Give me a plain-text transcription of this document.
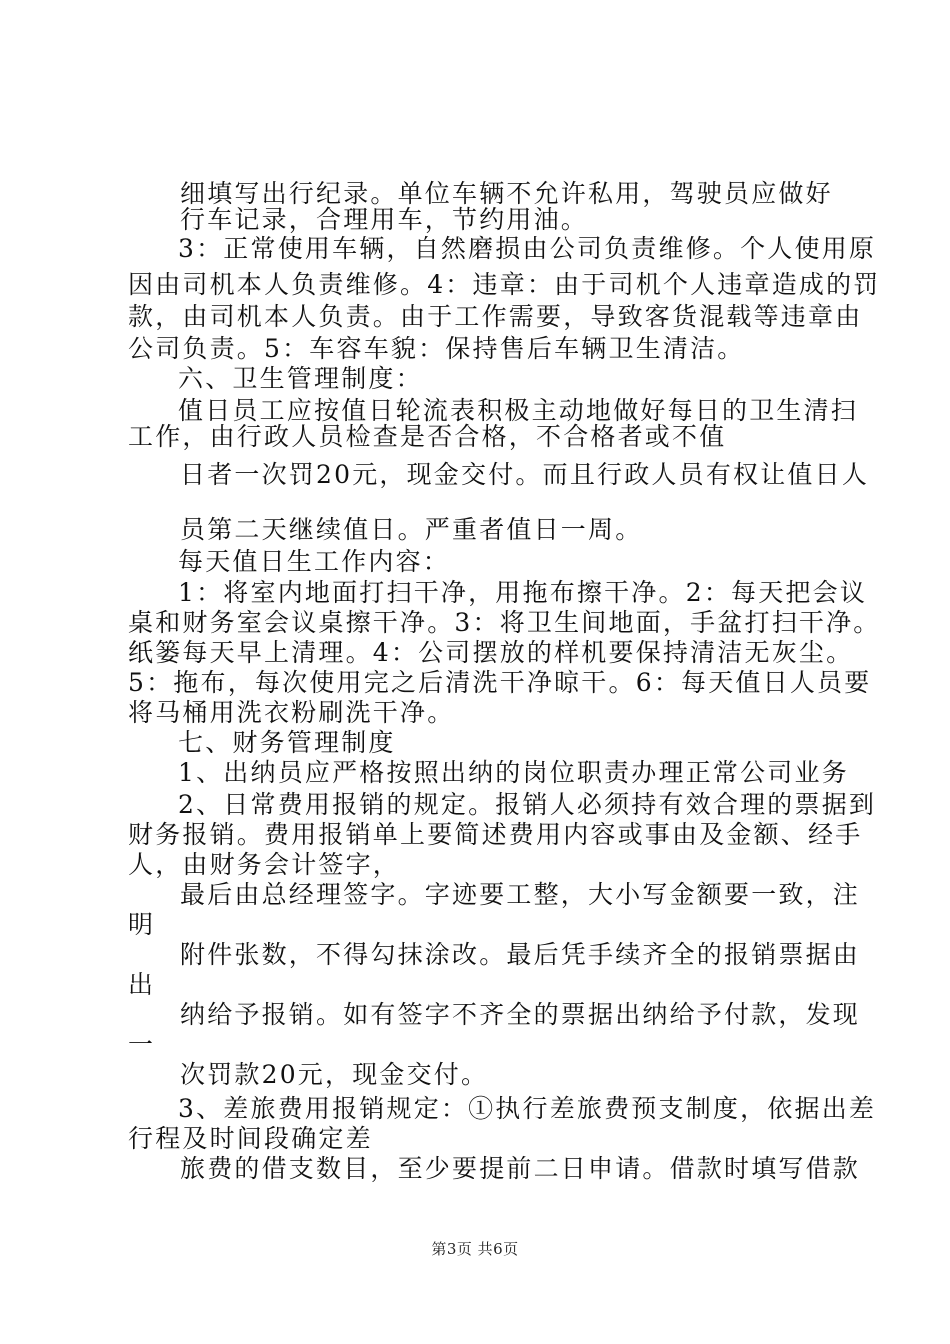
细填写出行纪录。单位车辆不允许私用，驾驶员应做好
行车记录，合理用车，节约用油。
3：正常使用车辆，自然磨损由公司负责维修。个人使用原
因由司机本人负责维修。4：违章：由于司机个人违章造成的罚
款，由司机本人负责。由于工作需要，导致客货混载等违章由
公司负责。5：车容车貌：保持售后车辆卫生清洁。
六、卫生管理制度：
值日员工应按值日轮流表积极主动地做好每日的卫生清扫
工作，由行政人员检查是否合格，不合格者或不值
日者一次罚20元，现金交付。而且行政人员有权让值日人
员第二天继续值日。严重者值日一周。
每天值日生工作内容：
1：将室内地面打扫干净，用拖布擦干净。2：每天把会议
桌和财务室会议桌擦干净。3：将卫生间地面，手盆打扫干净。
纸篓每天早上清理。4：公司摆放的样机要保持清洁无灰尘。
5：拖布，每次使用完之后清洗干净晾干。6：每天值日人员要
将马桶用洗衣粉刷洗干净。
七、财务管理制度
1、出纳员应严格按照出纳的岗位职责办理正常公司业务
2、日常费用报销的规定。报销人必须持有效合理的票据到
财务报销。费用报销单上要简述费用内容或事由及金额、经手
人，由财务会计签字，
最后由总经理签字。字迹要工整，大小写金额要一致，注
明
附件张数，不得勾抹涂改。最后凭手续齐全的报销票据由
出
纳给予报销。如有签字不齐全的票据出纳给予付款，发现
一
次罚款20元，现金交付。
3、差旅费用报销规定：①执行差旅费预支制度，依据出差
行程及时间段确定差
旅费的借支数目，至少要提前二日申请。借款时填写借款
第3页 共6页
